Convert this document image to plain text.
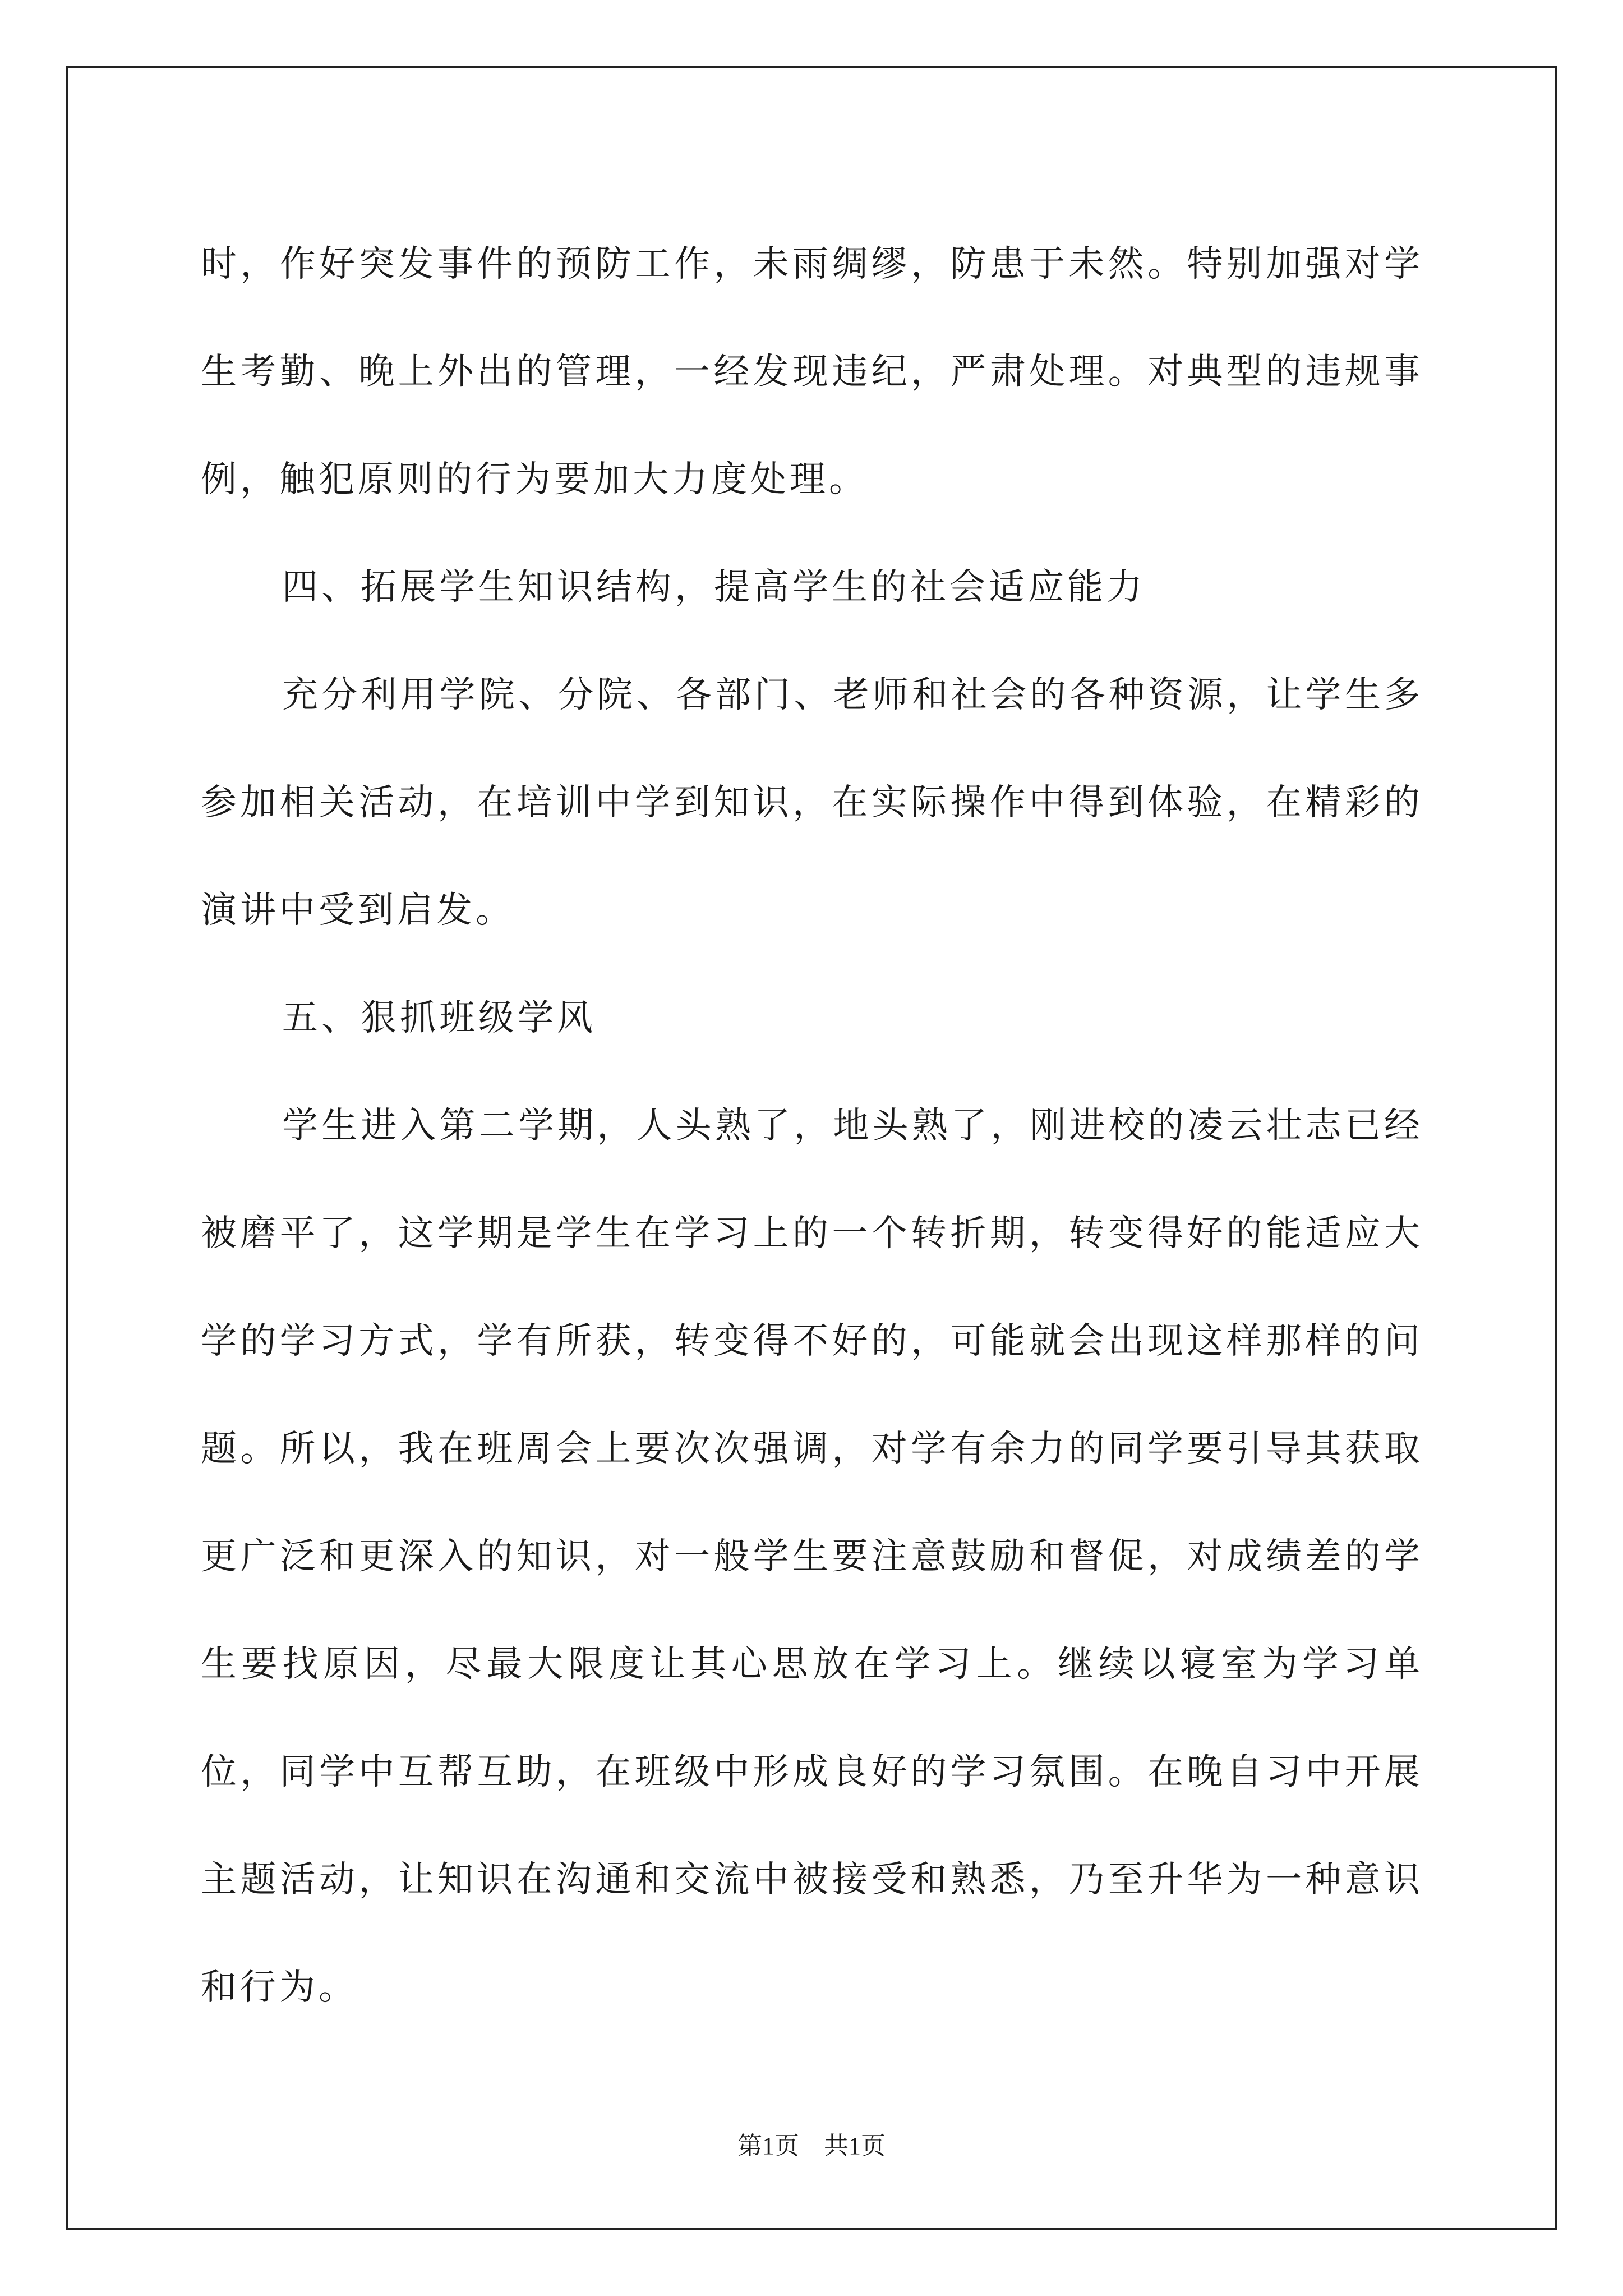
时，作好突发事件的预防工作，未雨绸缪，防患于未然。特别加强对学生考勤、晚上外出的管理，一经发现违纪，严肃处理。对典型的违规事例，触犯原则的行为要加大力度处理。

四、拓展学生知识结构，提高学生的社会适应能力

充分利用学院、分院、各部门、老师和社会的各种资源，让学生多参加相关活动，在培训中学到知识，在实际操作中得到体验，在精彩的演讲中受到启发。

五、狠抓班级学风

学生进入第二学期，人头熟了，地头熟了，刚进校的凌云壮志已经被磨平了，这学期是学生在学习上的一个转折期，转变得好的能适应大学的学习方式，学有所获，转变得不好的，可能就会出现这样那样的问题。所以，我在班周会上要次次强调，对学有余力的同学要引导其获取更广泛和更深入的知识，对一般学生要注意鼓励和督促，对成绩差的学生要找原因，尽最大限度让其心思放在学习上。继续以寝室为学习单位，同学中互帮互助，在班级中形成良好的学习氛围。在晚自习中开展主题活动，让知识在沟通和交流中被接受和熟悉，乃至升华为一种意识和行为。

第1页 共1页
